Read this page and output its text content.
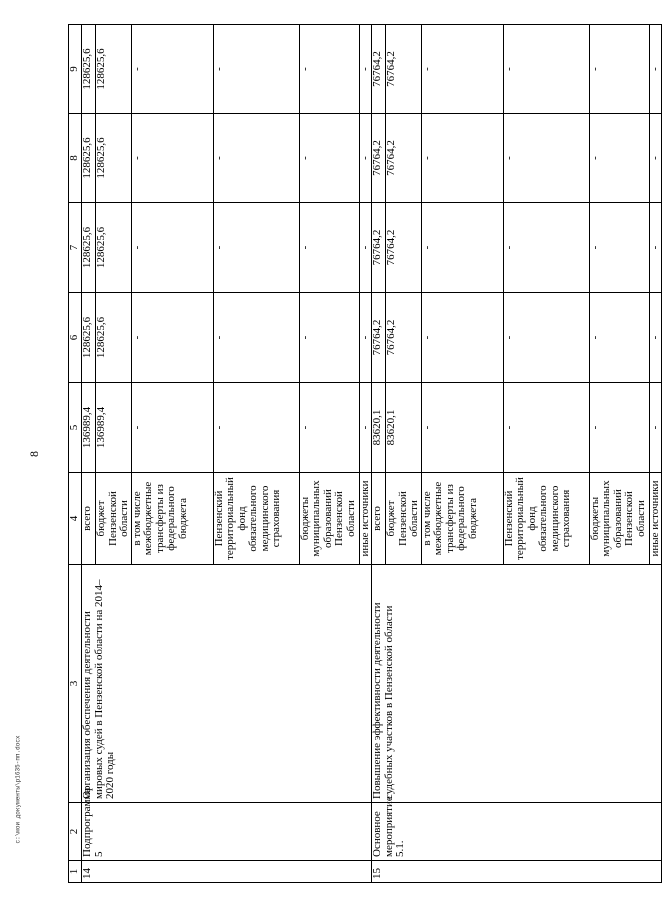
8
1	2	3	4	5	6	7	8	9
14	Подпрограмма 5	Организация обеспечения деятельности мировых судей в Пензенской области на 2014–2020 годы	всего	136989,4	128625,6	128625,6	128625,6	128625,6
			бюджет Пензенской области	136989,4	128625,6	128625,6	128625,6	128625,6
			в том числе межбюджетные трансферты из федерального бюджета	-	-	-	-	-
			Пензенский территориальный фонд обязательного медицинского страхования	-	-	-	-	-
			бюджеты муниципальных образований Пензенской области	-	-	-	-	-
			иные источники	-	-	-	-	-
15	Основное мероприятие 5.1.	Повышение эффективности деятельности судебных участков в Пензенской области	всего	83620,1	76764,2	76764,2	76764,2	76764,2
			бюджет Пензенской области	83620,1	76764,2	76764,2	76764,2	76764,2
			в том числе межбюджетные трансферты из федерального бюджета	-	-	-	-	-
			Пензенский территориальный фонд обязательного медицинского страхования	-	-	-	-	-
			бюджеты муниципальных образований Пензенской области	-	-	-	-	-
			иные источники	-	-	-	-	-
c:\мои документы\р1635-пп.docx
